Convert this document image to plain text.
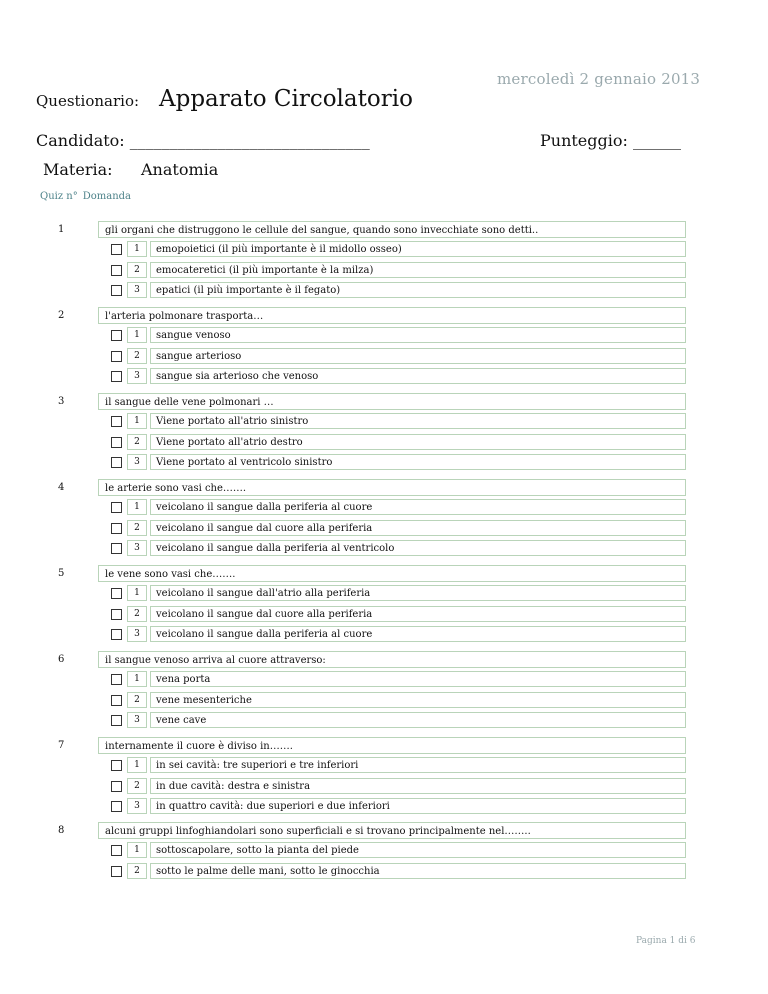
mercoledì 2 gennaio 2013
Questionario: Apparato Circolatorio
Candidato: ______________________________	Punteggio: ______
Materia: Anatomia
Quiz n° Domanda
1	gli organi che distruggono le cellule del sangue, quando sono invecchiate sono detti..
1	emopoietici (il più importante è il midollo osseo)
2	emocateretici (il più importante è la milza)
3	epatici (il più importante è il fegato)
2	l'arteria polmonare trasporta…
1	sangue venoso
2	sangue arterioso
3	sangue sia arterioso che venoso
3	il sangue delle vene polmonari …
1	Viene portato all'atrio sinistro
2	Viene portato all'atrio destro
3	Viene portato al ventricolo sinistro
4	le arterie sono vasi che…….
1	veicolano il sangue dalla periferia al cuore
2	veicolano il sangue dal cuore alla periferia
3	veicolano il sangue dalla periferia al ventricolo
5	le vene sono vasi che…….
1	veicolano il sangue dall'atrio alla periferia
2	veicolano il sangue dal cuore alla periferia
3	veicolano il sangue dalla periferia al cuore
6	il sangue venoso arriva al cuore attraverso:
1	vena porta
2	vene mesenteriche
3	vene cave
7	internamente il cuore è diviso in…….
1	in sei cavità: tre superiori e tre inferiori
2	in due cavità: destra e sinistra
3	in quattro cavità: due superiori e due inferiori
8	alcuni gruppi linfoghiandolari sono superficiali e si trovano principalmente nel……..
1	sottoscapolare, sotto la pianta del piede
2	sotto le palme delle mani, sotto le ginocchia
Pagina 1 di 6
